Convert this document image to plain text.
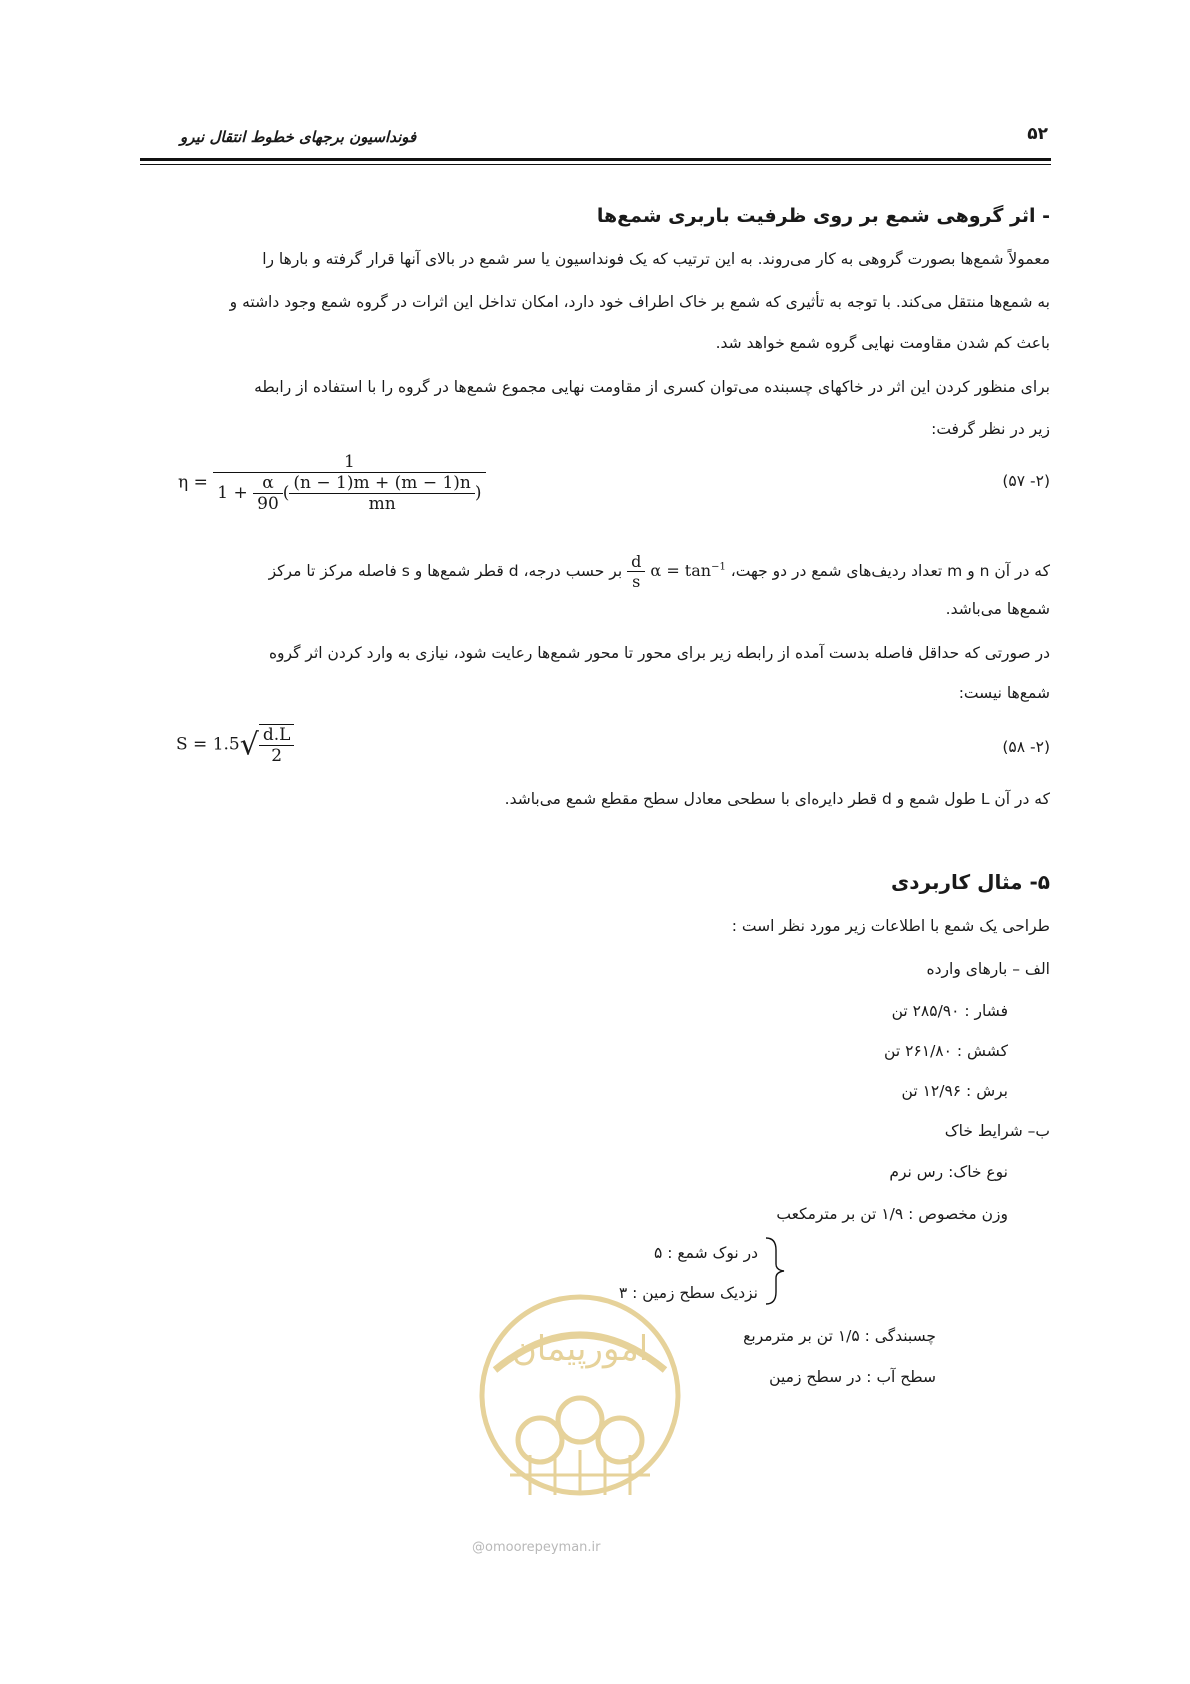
فونداسیون برجهای خطوط انتقال نیرو	۵۲
- اثر گروهی شمع بر روی ظرفیت باربری شمع‌ها
معمولاً شمع‌ها بصورت گروهی به کار می‌روند. به این ترتیب که یک فونداسیون یا سر شمع در بالای آنها قرار گرفته و بارها را
به شمع‌ها منتقل می‌کند. با توجه به تأثیری که شمع بر خاک اطراف خود دارد، امکان تداخل این اثرات در گروه شمع وجود داشته و
باعث کم شدن مقاومت نهایی گروه شمع خواهد شد.
برای منظور کردن این اثر در خاکهای چسبنده می‌توان کسری از مقاومت نهایی مجموع شمع‌ها در گروه را با استفاده از رابطه
زیر در نظر گرفت:
(۲- ۵۷)
η =
1
$1 + \frac{\alpha}{90}$ ( $\frac{(n - 1)m + (m - 1)n}{mn}$ )
که در آن n و m تعداد ردیف‌های شمع در دو جهت، $\alpha = \tan^{-1}$
$\frac{d}{s}$
بر حسب درجه، d قطر شمع‌ها و s فاصله مرکز تا مرکز
شمع‌ها می‌باشد.
در صورتی که حداقل فاصله بدست آمده از رابطه زیر برای محور تا محور شمع‌ها رعایت شود، نیازی به وارد کردن اثر گروه
شمع‌ها نیست:
(۲- ۵۸)
$S = 1.5√ \frac{d.L}{2}$
که در آن L طول شمع و d قطر دایره‌ای با سطحی معادل سطح مقطع شمع می‌باشد.
۵- مثال کاربردی
طراحی یک شمع با اطلاعات زیر مورد نظر است :
الف – بارهای وارده
فشار : ۲۸۵/۹۰ تن
کشش : ۲۶۱/۸۰ تن
برش : ۱۲/۹۶ تن
ب– شرایط خاک
نوع خاک: رس نرم
وزن مخصوص : ۱/۹ تن بر مترمکعب
در نوک شمع : ۵
نزدیک سطح زمین : ۳
چسبندگی : ۱/۵ تن بر مترمربع
سطح آب : در سطح زمین
امورپیمان
@omoorepeyman.ir
